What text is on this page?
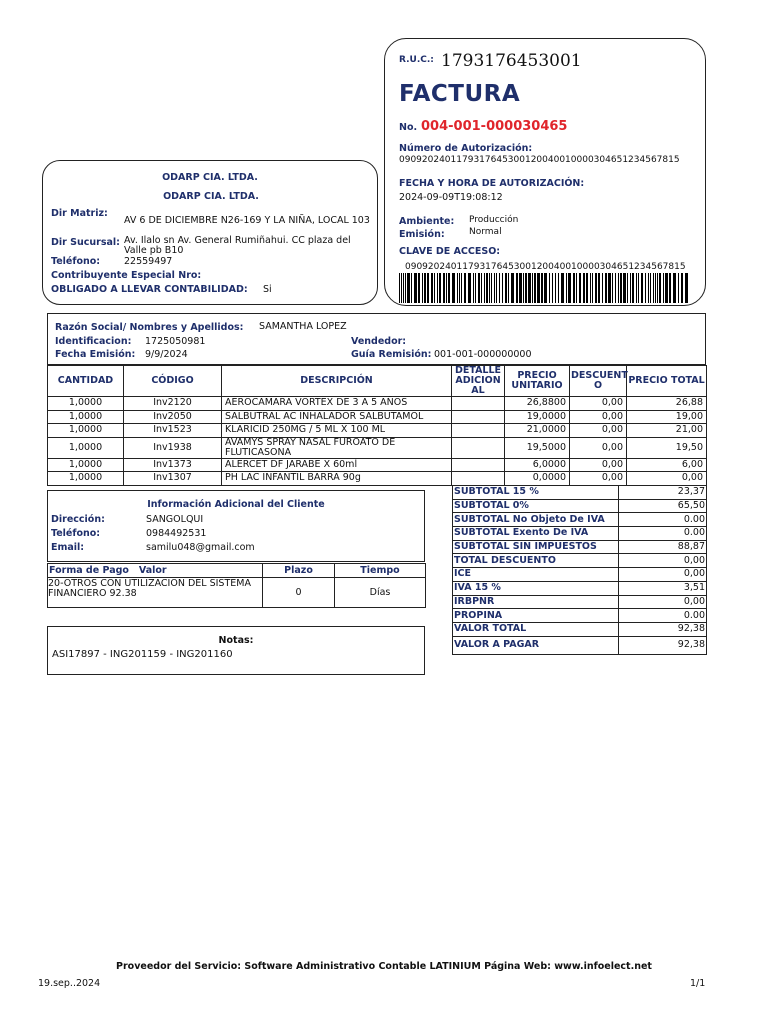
R.U.C.: 1793176453001
FACTURA
No. 004-001-000030465
Número de Autorización:
0909202401179317645300120040010000304651234567815
FECHA Y HORA DE AUTORIZACIÓN:
2024-09-09T19:08:12
Ambiente: Producción
Emisión:	Normal
CLAVE DE ACCESO:
0909202401179317645300120040010000304651234567815
ODARP CIA. LTDA.
ODARP CIA. LTDA.
Dir Matriz:
AV 6 DE DICIEMBRE N26-169 Y LA NIÑA, LOCAL 103
Dir Sucursal: Av. Ilalo sn Av. General Rumiñahui. CC plaza del
Valle pb B10
Teléfono:	22559497
Contribuyente Especial Nro:
OBLIGADO A LLEVAR CONTABILIDAD: Si
Razón Social/ Nombres y Apellidos: SAMANTHA LOPEZ
Identificacion: 1725050981	Vendedor:
Fecha Emisión: 9/9/2024	Guía Remisión: 001-001-000000000
CANTIDAD	CÓDIGO	DESCRIPCIÓN	DETALLE ADICION AL	PRECIO UNITARIO	DESCUENT O	PRECIO TOTAL
1,0000	Inv2120	AEROCAMARA VORTEX DE 3 A 5 AÑOS		26,8800	0,00	26,88
1,0000	Inv2050	SALBUTRAL AC INHALADOR SALBUTAMOL		19,0000	0,00	19,00
1,0000	Inv1523	KLARICID 250MG / 5 ML X 100 ML		21,0000	0,00	21,00
1,0000	Inv1938	AVAMYS SPRAY NASAL FUROATO DE FLUTICASONA		19,5000	0,00	19,50
1,0000	Inv1373	ALERCET DF JARABE X 60ml		6,0000	0,00	6,00
1,0000	Inv1307	PH LAC INFANTIL BARRA 90g		0,0000	0,00	0,00
SUBTOTAL 15 %	23,37
SUBTOTAL 0%	65,50
SUBTOTAL No Objeto De IVA	0.00
SUBTOTAL Exento De IVA	0.00
SUBTOTAL SIN IMPUESTOS	88,87
TOTAL DESCUENTO	0,00
ICE	0,00
IVA 15 %	3,51
IRBPNR	0,00
PROPINA	0.00
VALOR TOTAL	92,38
VALOR A PAGAR	92,38
Información Adicional del Cliente
Dirección:	SANGOLQUI
Teléfono:	0984492531
Email:	samilu048@gmail.com
Forma de Pago Valor	Plazo	Tiempo
20-OTROS CON UTILIZACION DEL SISTEMA FINANCIERO 92.38	0	Días
Notas:
ASI17897 - ING201159 - ING201160
Proveedor del Servicio: Software Administrativo Contable LATINIUM Página Web: www.infoelect.net
19.sep..2024	1/1
